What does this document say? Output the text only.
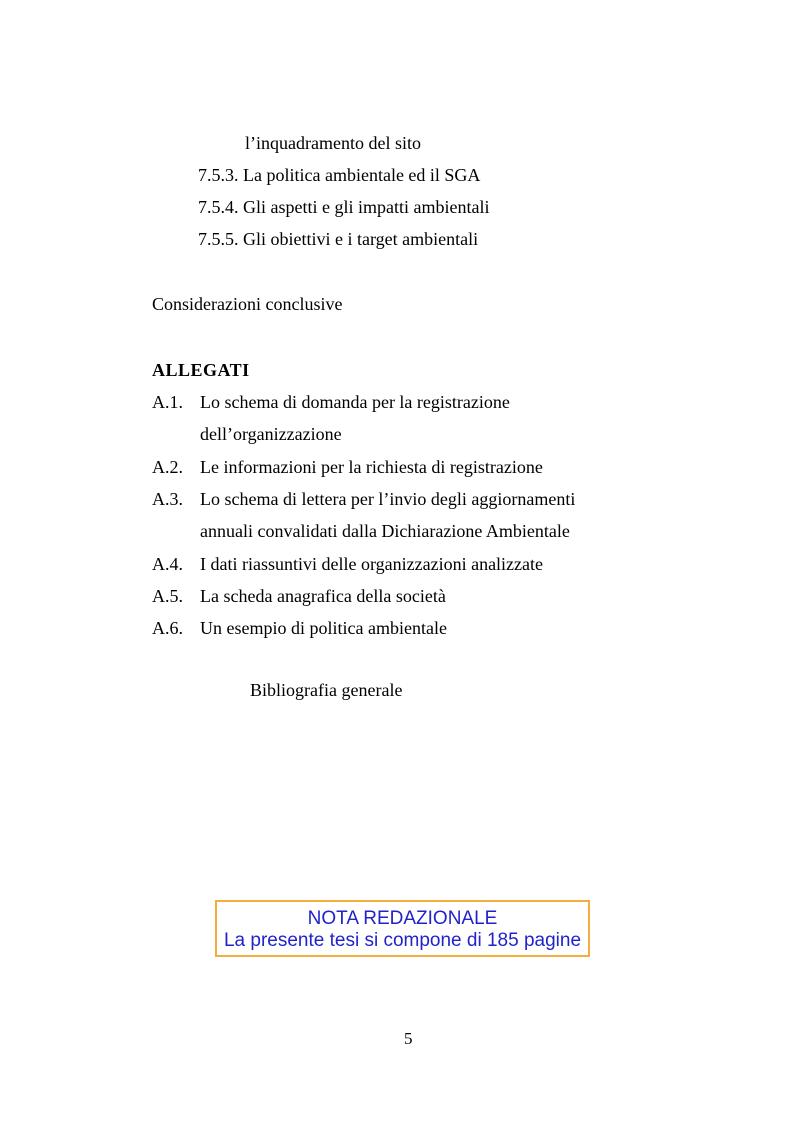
l’inquadramento del sito
7.5.3. La politica ambientale ed il SGA
7.5.4. Gli aspetti e gli impatti ambientali
7.5.5. Gli obiettivi e i target ambientali
Considerazioni conclusive
ALLEGATI
A.1. Lo schema di domanda per la registrazione
dell’organizzazione
A.2. Le informazioni per la richiesta di registrazione
A.3. Lo schema di lettera per l’invio degli aggiornamenti
annuali convalidati dalla Dichiarazione Ambientale
A.4. I dati riassuntivi delle organizzazioni analizzate
A.5. La scheda anagrafica della società
A.6. Un esempio di politica ambientale
Bibliografia generale
NOTA REDAZIONALE
La presente tesi si compone di 185 pagine
5
